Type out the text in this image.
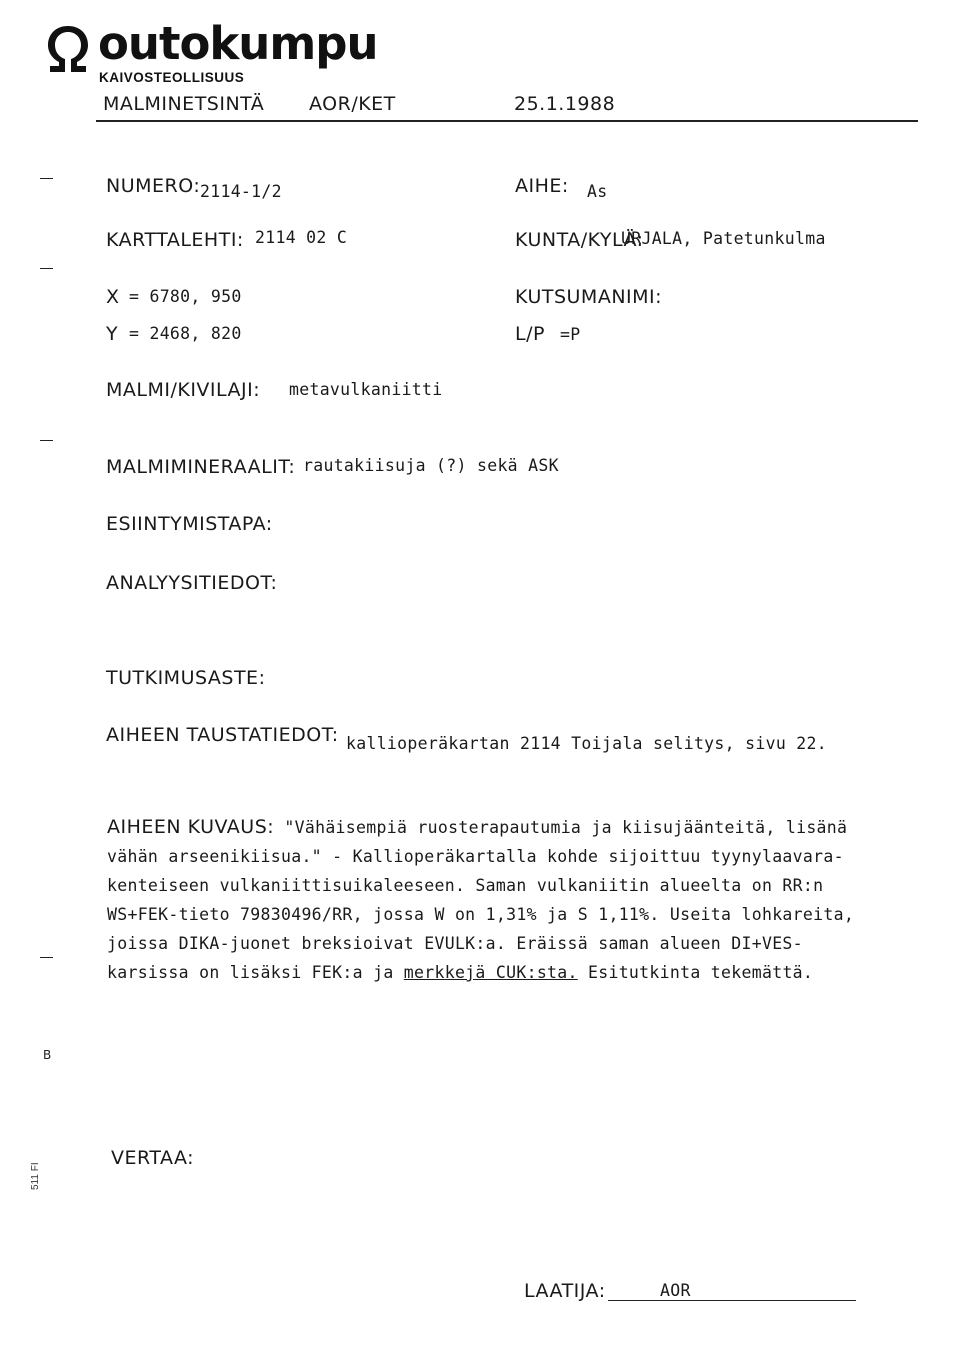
outokumpu
KAIVOSTEOLLISUUS
MALMINETSINTÄ AOR/KET	25.1.1988
NUMERO: 2114-1/2	AIHE: As
KARTTALEHTI: 2114 02 C	KUNTA/KYLÄ:
URJALA, Patetunkulma
X = 6780, 950	KUTSUMANIMI:
Y = 2468, 820	L/P =P
MALMI/KIVILAJI: metavulkaniitti
MALMIMINERAALIT: rautakiisuja (?) sekä ASK
ESIINTYMISTAPA:
ANALYYSITIEDOT:
TUTKIMUSASTE:
AIHEEN TAUSTATIEDOT: kallioperäkartan 2114 Toijala selitys, sivu 22.
AIHEEN KUVAUS: "Vähäisempiä ruosterapautumia ja kiisujäänteitä, lisänä
vähän arseenikiisua." - Kallioperäkartalla kohde sijoittuu tyynylaavara-
kenteiseen vulkaniittisuikaleeseen. Saman vulkaniitin alueelta on RR:n
WS+FEK-tieto 79830496/RR, jossa W on 1,31% ja S 1,11%. Useita lohkareita,
joissa DIKA-juonet breksioivat EVULK:a. Eräissä saman alueen DI+VES-
karsissa on lisäksi FEK:a ja merkkejä CUK:sta. Esitutkinta tekemättä.
VERTAA:
LAATIJA:	AOR
B
511 FI
